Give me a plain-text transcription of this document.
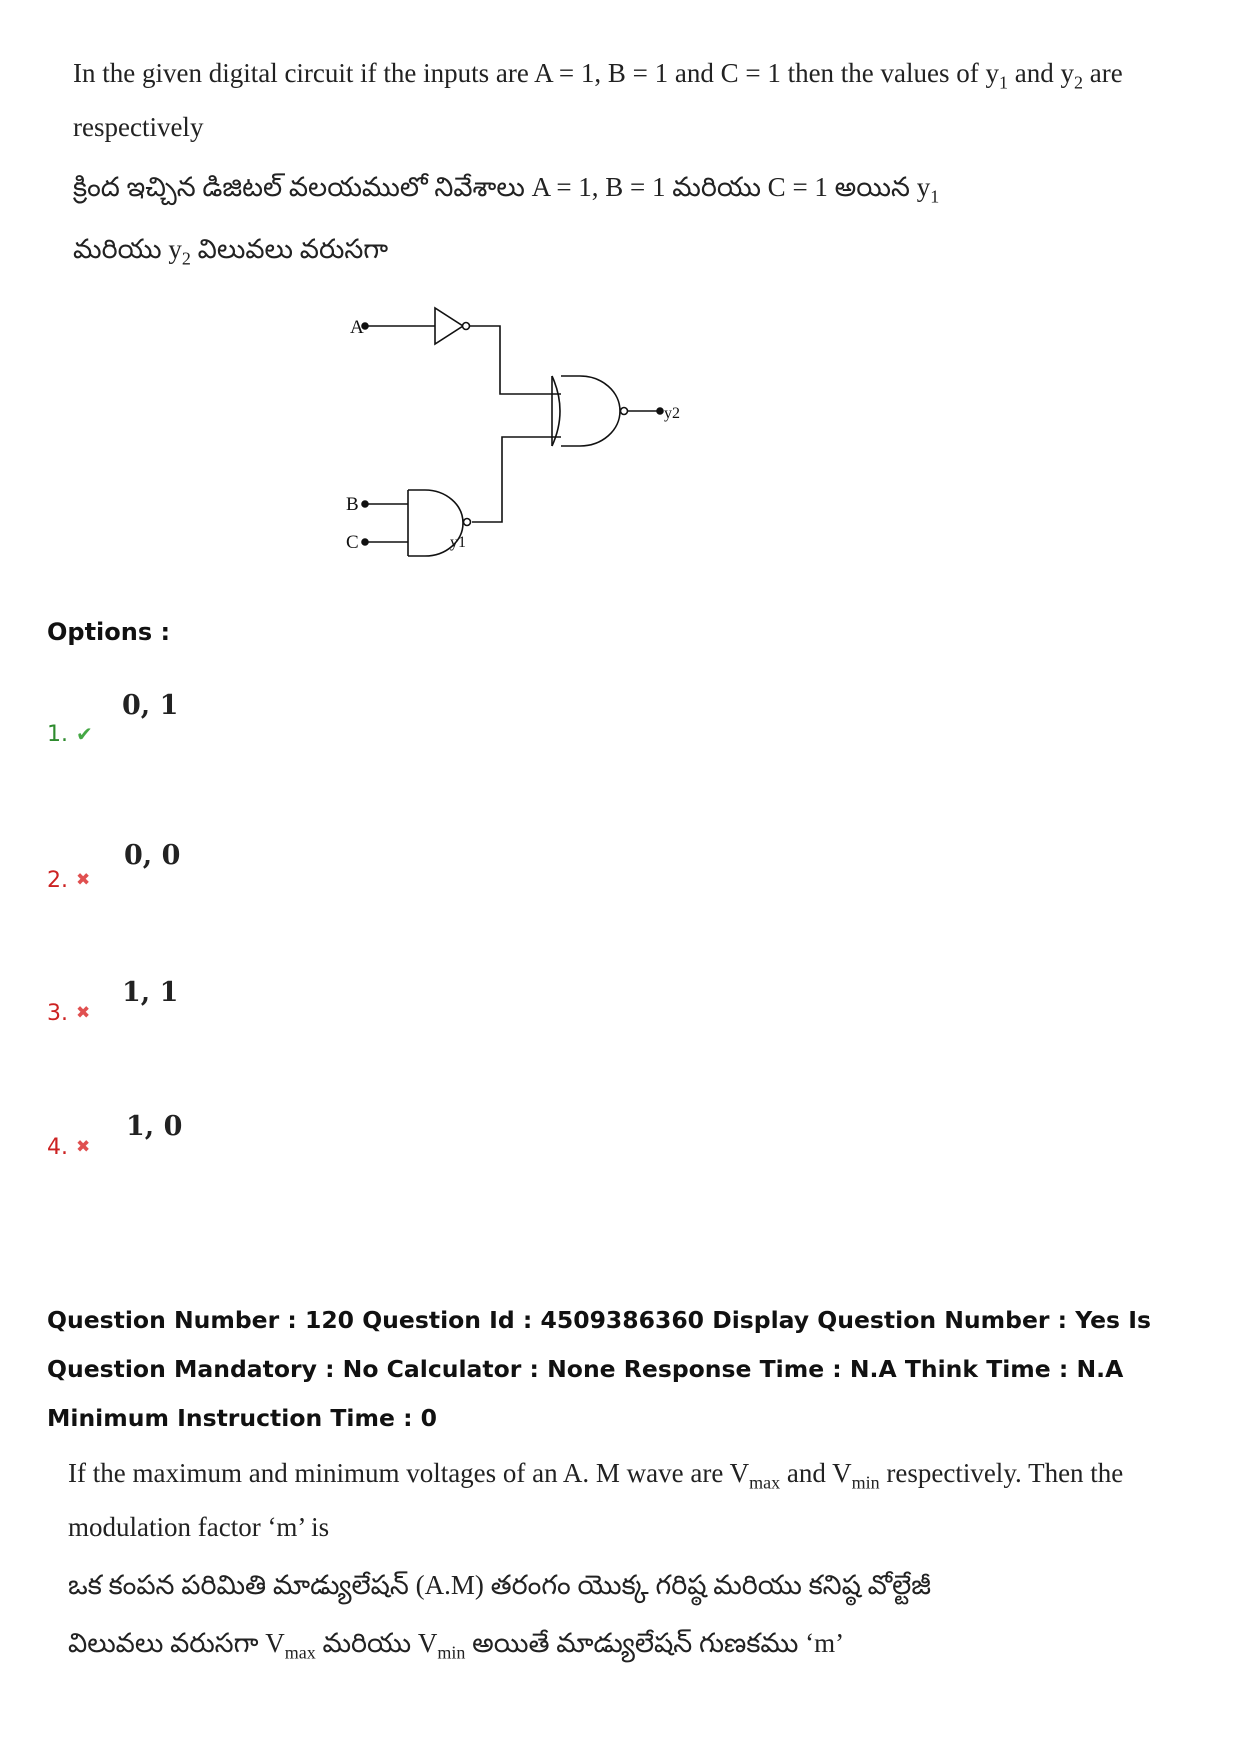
In the given digital circuit if the inputs are A = 1, B = 1 and C = 1 then the values of $y_1$ and $y_2$ are
respectively
క్రింద ఇచ్చిన డిజిటల్ వలయములో నివేశాలు A = 1, B = 1 మరియు C = 1 అయిన $y_1$
మరియు $y_2$ విలువలు వరుసగా
A
B
C
y2
y1
Options :
1. ✔
0, 1
2. ✖
0, 0
3. ✖
1, 1
4. ✖
1, 0
Question Number : 120 Question Id : 4509386360 Display Question Number : Yes Is Question Mandatory : No Calculator : None Response Time : N.A Think Time : N.A Minimum Instruction Time : 0
If the maximum and minimum voltages of an A. M wave are $V_{max}$ and $V_{min}$ respectively. Then the
modulation factor ‘m’ is
ఒక కంపన పరిమితి మాడ్యులేషన్ (A.M) తరంగం యొక్క గరిష్ఠ మరియు కనిష్ఠ వోల్టేజీ
విలువలు వరుసగా $V_{max}$ మరియు $V_{min}$ అయితే మాడ్యులేషన్ గుణకము ‘m’
